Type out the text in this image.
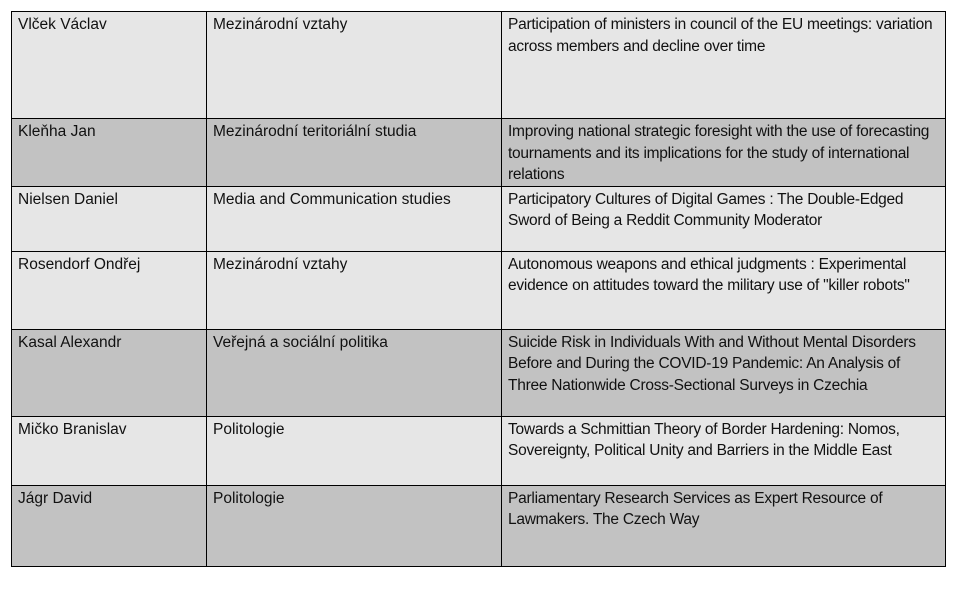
Vlček Václav	Mezinárodní vztahy	Participation of ministers in council of the EU meetings: variation across members and decline over time
Kleňha Jan	Mezinárodní teritoriální studia	Improving national strategic foresight with the use of forecasting tournaments and its implications for the study of international relations
Nielsen Daniel	Media and Communication studies	Participatory Cultures of Digital Games : The Double-Edged Sword of Being a Reddit Community Moderator
Rosendorf Ondřej	Mezinárodní vztahy	Autonomous weapons and ethical judgments : Experimental evidence on attitudes toward the military use of "killer robots"
Kasal Alexandr	Veřejná a sociální politika	Suicide Risk in Individuals With and Without Mental Disorders Before and During the COVID-19 Pandemic: An Analysis of Three Nationwide Cross-Sectional Surveys in Czechia
Mičko Branislav	Politologie	Towards a Schmittian Theory of Border Hardening: Nomos, Sovereignty, Political Unity and Barriers in the Middle East
Jágr David	Politologie	Parliamentary Research Services as Expert Resource of Lawmakers. The Czech Way
